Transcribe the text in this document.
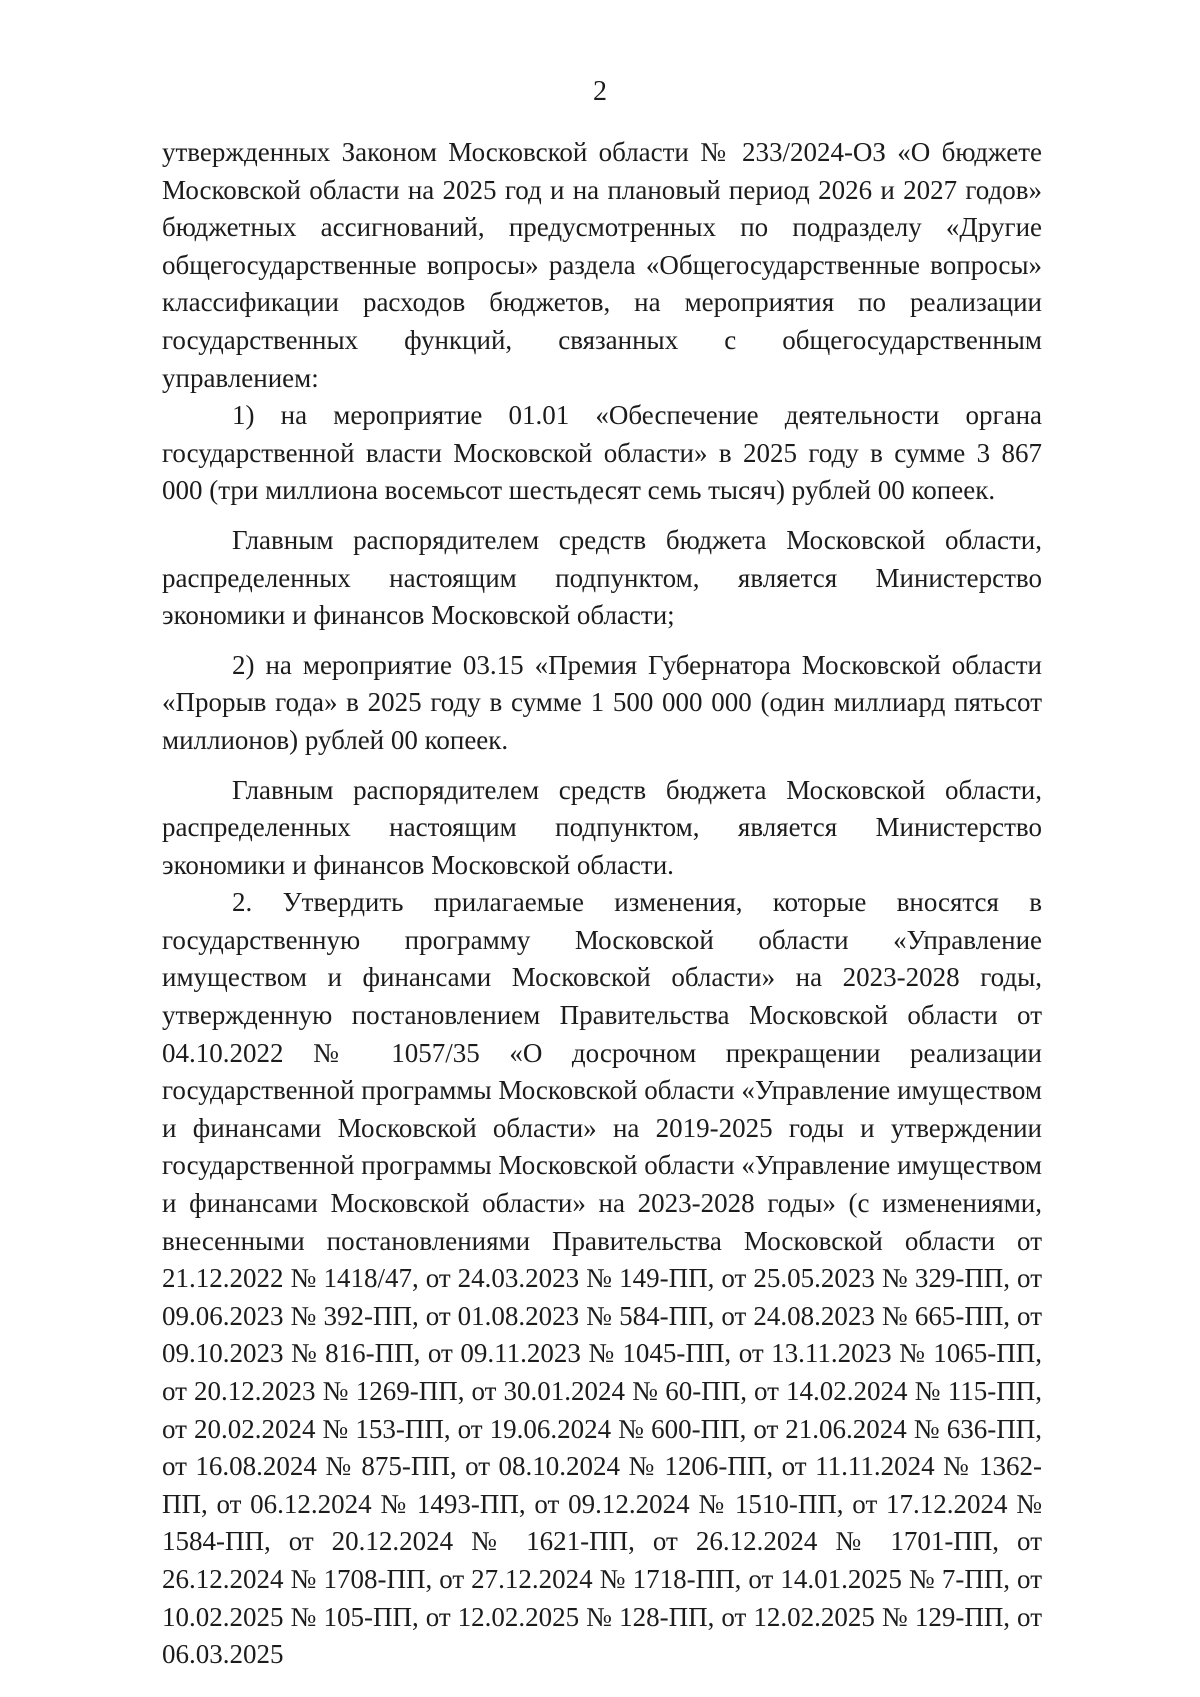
2

утвержденных Законом Московской области № 233/2024-ОЗ «О бюджете Московской области на 2025 год и на плановый период 2026 и 2027 годов» бюджетных ассигнований, предусмотренных по подразделу «Другие общегосударственные вопросы» раздела «Общегосударственные вопросы» классификации расходов бюджетов, на мероприятия по реализации государственных функций, связанных с общегосударственным управлением:

1) на мероприятие 01.01 «Обеспечение деятельности органа государственной власти Московской области» в 2025 году в сумме 3 867 000 (три миллиона восемьсот шестьдесят семь тысяч) рублей 00 копеек.

Главным распорядителем средств бюджета Московской области, распределенных настоящим подпунктом, является Министерство экономики и финансов Московской области;

2) на мероприятие 03.15 «Премия Губернатора Московской области «Прорыв года» в 2025 году в сумме 1 500 000 000 (один миллиард пятьсот миллионов) рублей 00 копеек.

Главным распорядителем средств бюджета Московской области, распределенных настоящим подпунктом, является Министерство экономики и финансов Московской области.

2. Утвердить прилагаемые изменения, которые вносятся в государственную программу Московской области «Управление имуществом и финансами Московской области» на 2023-2028 годы, утвержденную постановлением Правительства Московской области от 04.10.2022 № 1057/35 «О досрочном прекращении реализации государственной программы Московской области «Управление имуществом и финансами Московской области» на 2019-2025 годы и утверждении государственной программы Московской области «Управление имуществом и финансами Московской области» на 2023-2028 годы» (с изменениями, внесенными постановлениями Правительства Московской области от 21.12.2022 № 1418/47, от 24.03.2023 № 149-ПП, от 25.05.2023 № 329-ПП, от 09.06.2023 № 392-ПП, от 01.08.2023 № 584-ПП, от 24.08.2023 № 665-ПП, от 09.10.2023 № 816-ПП, от 09.11.2023 № 1045-ПП, от 13.11.2023 № 1065-ПП, от 20.12.2023 № 1269-ПП, от 30.01.2024 № 60-ПП, от 14.02.2024 № 115-ПП, от 20.02.2024 № 153-ПП, от 19.06.2024 № 600-ПП, от 21.06.2024 № 636-ПП, от 16.08.2024 № 875-ПП, от 08.10.2024 № 1206-ПП, от 11.11.2024 № 1362-ПП, от 06.12.2024 № 1493-ПП, от 09.12.2024 № 1510-ПП, от 17.12.2024 № 1584-ПП, от 20.12.2024 № 1621-ПП, от 26.12.2024 № 1701-ПП, от 26.12.2024 № 1708-ПП, от 27.12.2024 № 1718-ПП, от 14.01.2025 № 7-ПП, от 10.02.2025 № 105-ПП, от 12.02.2025 № 128-ПП, от 12.02.2025 № 129-ПП, от 06.03.2025
